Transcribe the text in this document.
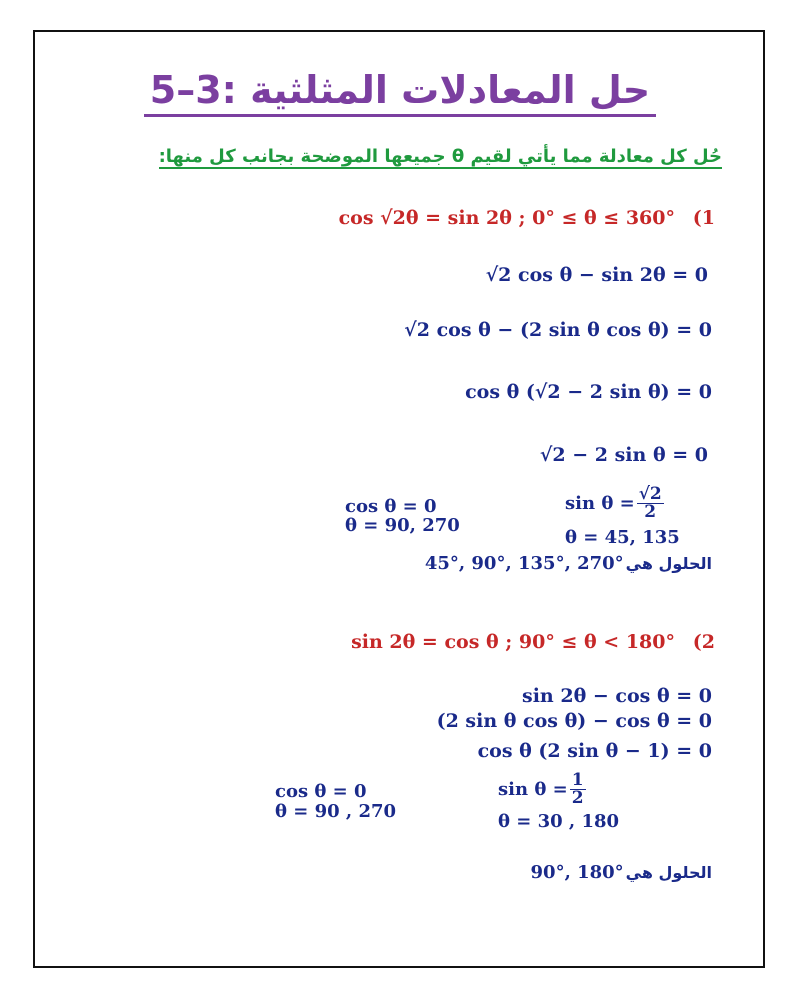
5–3: حل المعادلات المثلثية
حُل كل معادلة مما يأتي لقيم θ جميعها الموضحة بجانب كل منها:
(1
cos √2θ = sin 2θ ; 0° ≤ θ ≤ 360°
√2 cos θ − sin 2θ = 0
√2 cos θ − (2 sin θ cos θ) = 0
cos θ (√2 − 2 sin θ) = 0
√2 − 2 sin θ = 0
cos θ = 0
θ = 90, 270
$\sin \theta = \frac{√2}{2}$
θ = 45, 135
الحلول هي
45°, 90°, 135°, 270°
(2
sin 2θ = cos θ ; 90° ≤ θ < 180°
sin 2θ − cos θ = 0
(2 sin θ cos θ) − cos θ = 0
cos θ (2 sin θ − 1) = 0
cos θ = 0
θ = 90 , 270
$\sin \theta = \frac{1}{2}$
θ = 30 , 180
الحلول هي
90°, 180°
